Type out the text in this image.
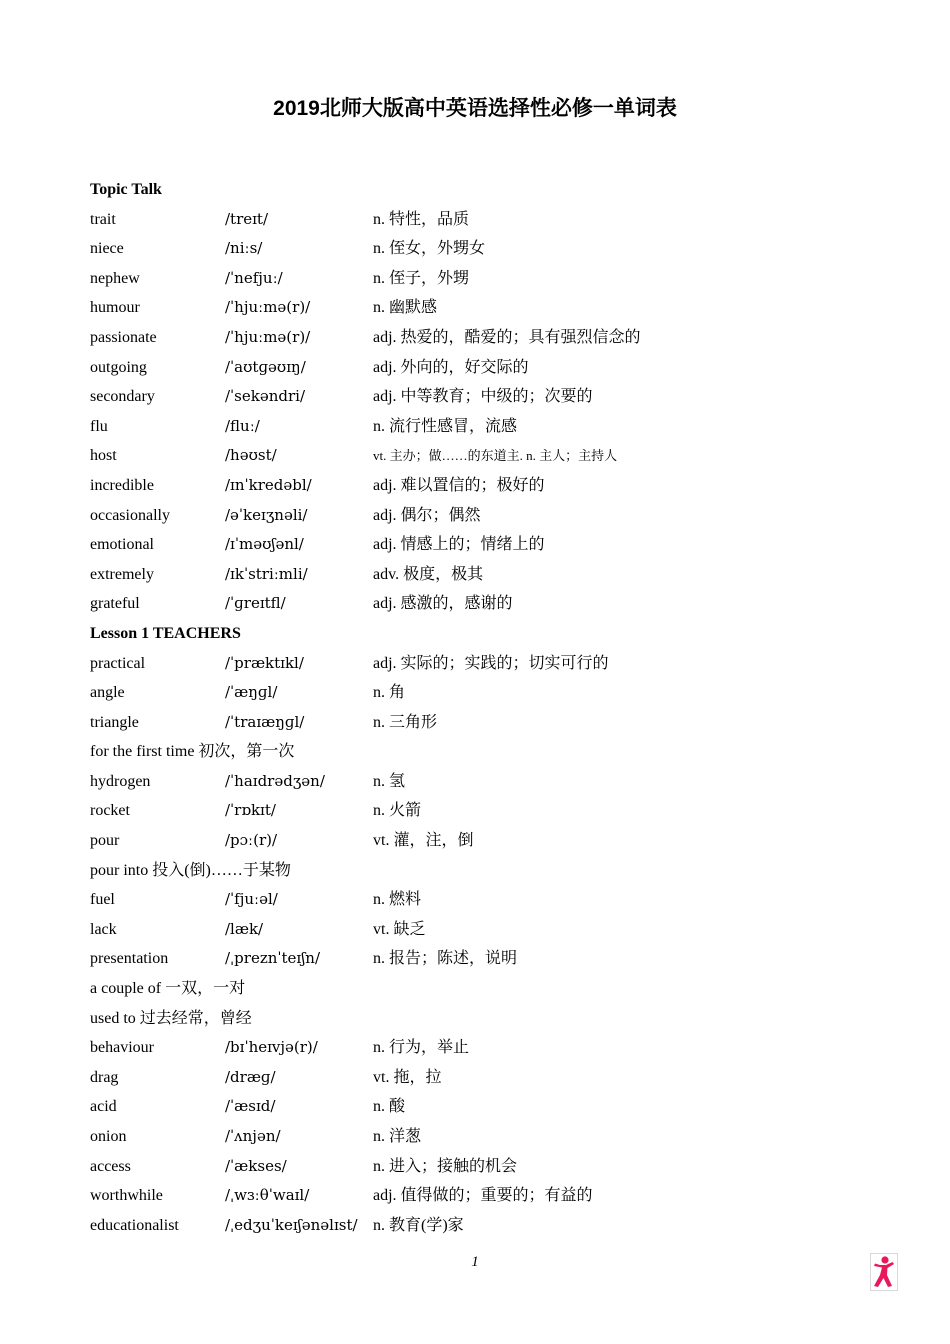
2019北师大版高中英语选择性必修一单词表
Topic Talk
trait	/treɪt/	n. 特性，品质
niece	/niːs/	n. 侄女，外甥女
nephew	/ˈnefjuː/	n. 侄子，外甥
humour	/ˈhjuːmə(r)/	n. 幽默感
passionate	/ˈhjuːmə(r)/	adj. 热爱的，酷爱的；具有强烈信念的
outgoing	/ˈaʊtɡəʊɪŋ/	adj. 外向的，好交际的
secondary	/ˈsekəndri/	adj. 中等教育；中级的；次要的
flu	/fluː/	n. 流行性感冒，流感
host	/həʊst/	vt. 主办；做……的东道主. n. 主人；主持人
incredible	/ɪnˈkredəbl/	adj. 难以置信的；极好的
occasionally	/əˈkeɪʒnəli/	adj. 偶尔；偶然
emotional	/ɪˈməʊʃənl/	adj. 情感上的；情绪上的
extremely	/ɪkˈstriːmli/	adv. 极度，极其
grateful	/ˈɡreɪtfl/	adj. 感激的，感谢的
Lesson 1 TEACHERS
practical	/ˈpræktɪkl/	adj. 实际的；实践的；切实可行的
angle	/ˈæŋɡl/	n. 角
triangle	/ˈtraɪæŋɡl/	n. 三角形
for the first time 初次，第一次
hydrogen	/ˈhaɪdrədʒən/	n. 氢
rocket	/ˈrɒkɪt/	n. 火箭
pour	/pɔː(r)/	vt. 灌，注，倒
pour into 投入(倒)……于某物
fuel	/ˈfjuːəl/	n. 燃料
lack	/læk/	vt. 缺乏
presentation	/ˌpreznˈteɪʃn/	n. 报告；陈述，说明
a couple of 一双，一对
used to 过去经常，曾经
behaviour	/bɪˈheɪvjə(r)/	n. 行为，举止
drag	/dræɡ/	vt. 拖，拉
acid	/ˈæsɪd/	n. 酸
onion	/ˈʌnjən/	n. 洋葱
access	/ˈækses/	n. 进入；接触的机会
worthwhile	/ˌwɜːθˈwaɪl/	adj. 值得做的；重要的；有益的
educationalist	/ˌedʒuˈkeɪʃənəlɪst/ n. 教育(学)家
1
